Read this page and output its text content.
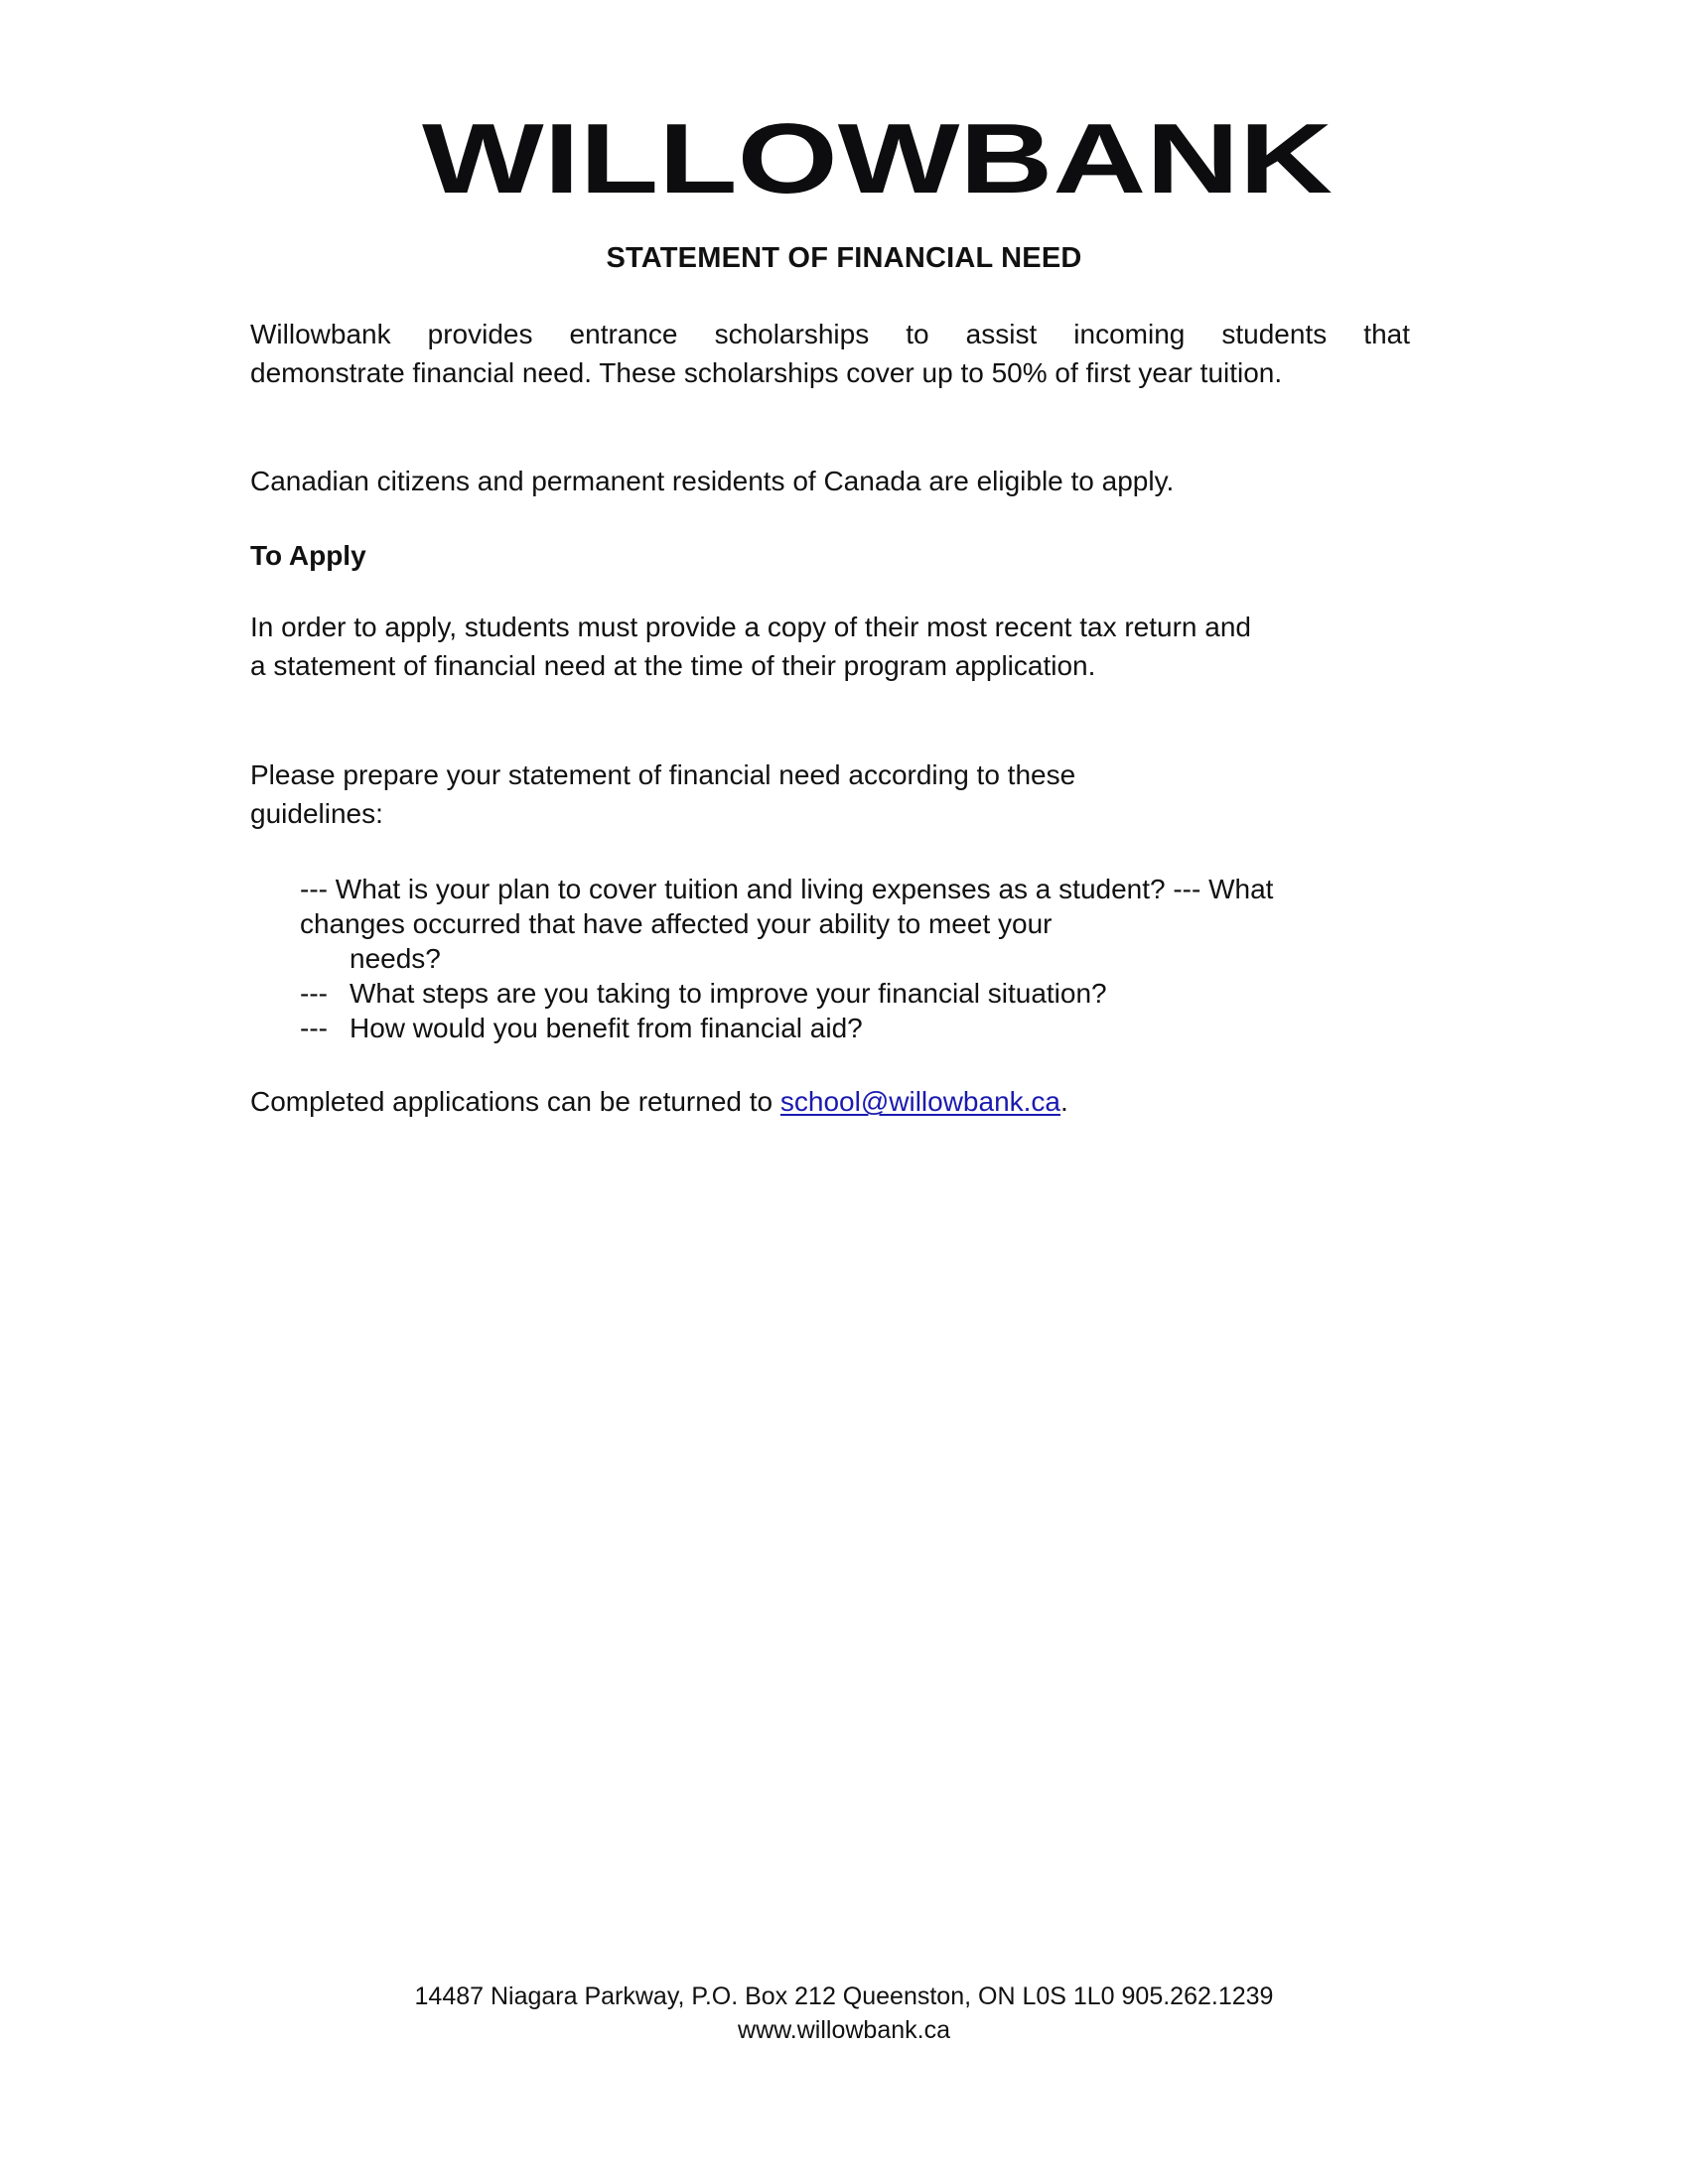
WILLOWBANK
STATEMENT OF FINANCIAL NEED
Willowbank provides entrance scholarships to assist incoming students that
demonstrate financial need. These scholarships cover up to 50% of first year tuition.
Canadian citizens and permanent residents of Canada are eligible to apply.
To Apply
In order to apply, students must provide a copy of their most recent tax return and
a statement of financial need at the time of their program application.
Please prepare your statement of financial need according to these
guidelines:
--- What is your plan to cover tuition and living expenses as a student? --- What
changes occurred that have affected your ability to meet your
needs?
--- What steps are you taking to improve your financial situation?
--- How would you benefit from financial aid?
Completed applications can be returned to school@willowbank.ca.
14487 Niagara Parkway, P.O. Box 212 Queenston, ON L0S 1L0 905.262.1239
www.willowbank.ca
